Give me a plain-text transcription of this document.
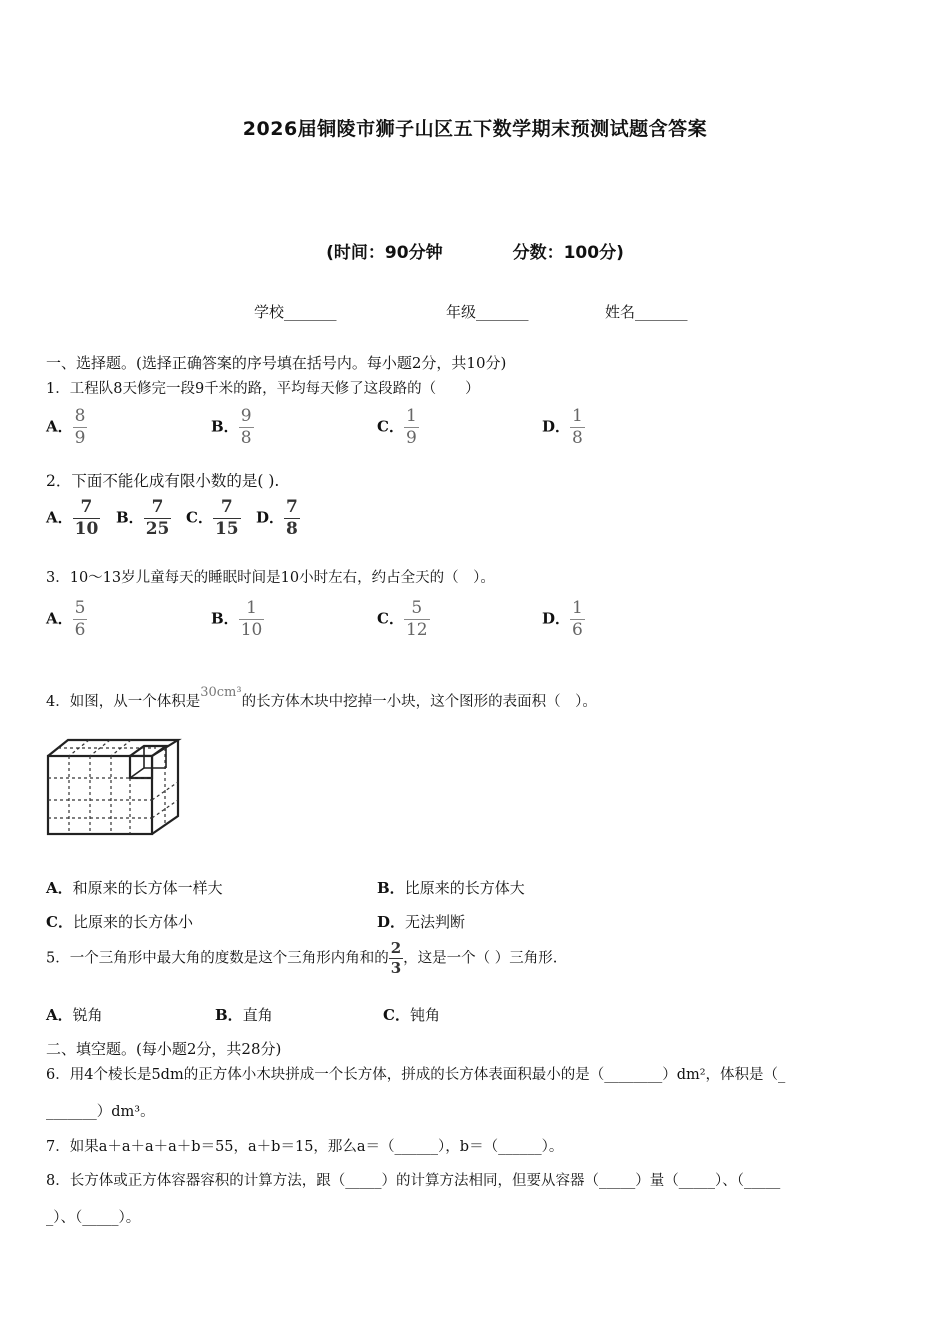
2026届铜陵市狮子山区五下数学期末预测试题含答案
(时间：90分钟	分数：100分)
学校_______	年级_______	姓名_______
一、选择题。(选择正确答案的序号填在括号内。每小题2分，共10分)
1．工程队8天修完一段9千米的路，平均每天修了这段路的（　　）
A． $\frac{8}{9}$	B． $\frac{9}{8}$	C． $\frac{1}{9}$	D． $\frac{1}{8}$
2．下面不能化成有限小数的是( ).
A． $\frac{7}{10}$ B． $\frac{7}{25}$ C． $\frac{7}{15}$ D． $\frac{7}{8}$
3．10～13岁儿童每天的睡眠时间是10小时左右，约占全天的（　）。
A． $\frac{5}{6}$	B． $\frac{1}{10}$	C． $\frac{5}{12}$	D． $\frac{1}{6}$
4．如图，从一个体积是30cm³的长方体木块中挖掉一小块，这个图形的表面积（　）。
A．和原来的长方体一样大	B．比原来的长方体大
C．比原来的长方体小	D．无法判断
5．一个三角形中最大角的度数是这个三角形内角和的 $\frac{2}{3}$ ，这是一个（ ）三角形.
A．锐角	B．直角	C．钝角
二、填空题。(每小题2分，共28分)
6．用4个棱长是5dm的正方体小木块拼成一个长方体，拼成的长方体表面积最小的是（________）dm²，体积是（_
_______）dm³。
7．如果a＋a＋a＋a＋b＝55，a＋b＝15，那么a＝（______），b＝（______）。
8．长方体或正方体容器容积的计算方法，跟（_____）的计算方法相同，但要从容器（_____）量（_____）、（_____
_）、（_____）。
